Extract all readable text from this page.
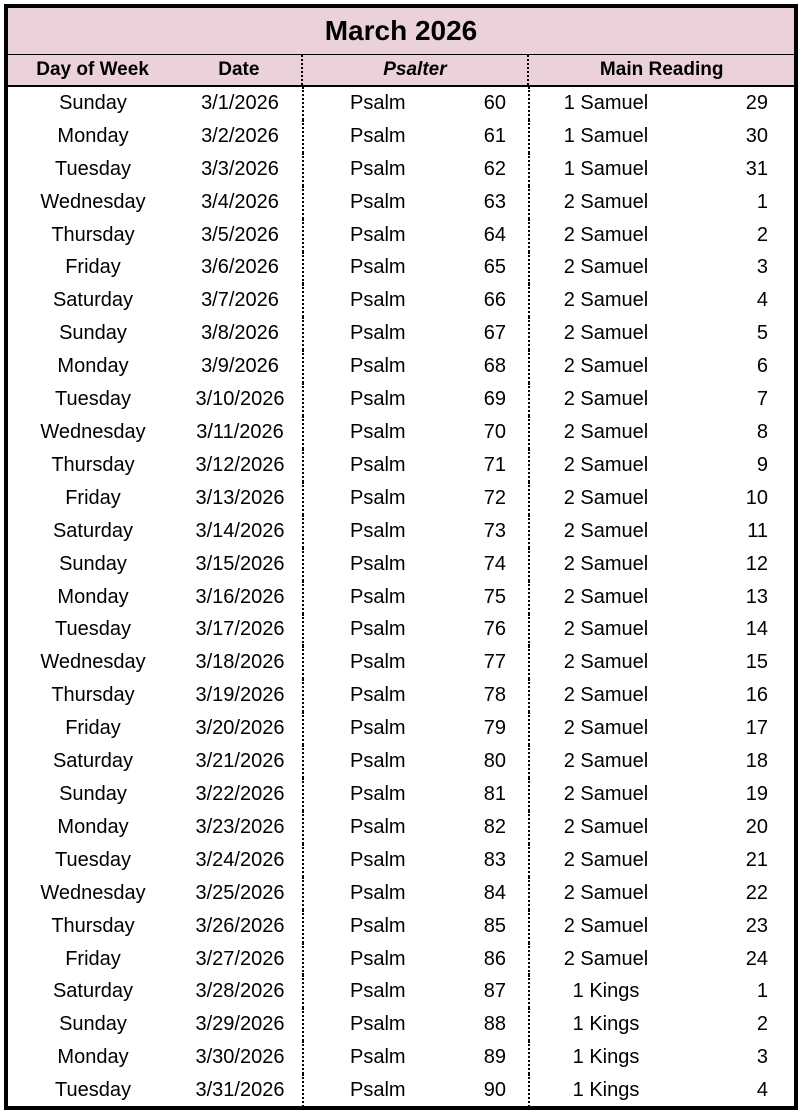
March 2026
Day of Week	Date	Psalter	Main Reading
Sunday	3/1/2026	Psalm	60	1 Samuel	29
Monday	3/2/2026	Psalm	61	1 Samuel	30
Tuesday	3/3/2026	Psalm	62	1 Samuel	31
Wednesday	3/4/2026	Psalm	63	2 Samuel	1
Thursday	3/5/2026	Psalm	64	2 Samuel	2
Friday	3/6/2026	Psalm	65	2 Samuel	3
Saturday	3/7/2026	Psalm	66	2 Samuel	4
Sunday	3/8/2026	Psalm	67	2 Samuel	5
Monday	3/9/2026	Psalm	68	2 Samuel	6
Tuesday	3/10/2026	Psalm	69	2 Samuel	7
Wednesday	3/11/2026	Psalm	70	2 Samuel	8
Thursday	3/12/2026	Psalm	71	2 Samuel	9
Friday	3/13/2026	Psalm	72	2 Samuel	10
Saturday	3/14/2026	Psalm	73	2 Samuel	11
Sunday	3/15/2026	Psalm	74	2 Samuel	12
Monday	3/16/2026	Psalm	75	2 Samuel	13
Tuesday	3/17/2026	Psalm	76	2 Samuel	14
Wednesday	3/18/2026	Psalm	77	2 Samuel	15
Thursday	3/19/2026	Psalm	78	2 Samuel	16
Friday	3/20/2026	Psalm	79	2 Samuel	17
Saturday	3/21/2026	Psalm	80	2 Samuel	18
Sunday	3/22/2026	Psalm	81	2 Samuel	19
Monday	3/23/2026	Psalm	82	2 Samuel	20
Tuesday	3/24/2026	Psalm	83	2 Samuel	21
Wednesday	3/25/2026	Psalm	84	2 Samuel	22
Thursday	3/26/2026	Psalm	85	2 Samuel	23
Friday	3/27/2026	Psalm	86	2 Samuel	24
Saturday	3/28/2026	Psalm	87	1 Kings	1
Sunday	3/29/2026	Psalm	88	1 Kings	2
Monday	3/30/2026	Psalm	89	1 Kings	3
Tuesday	3/31/2026	Psalm	90	1 Kings	4
